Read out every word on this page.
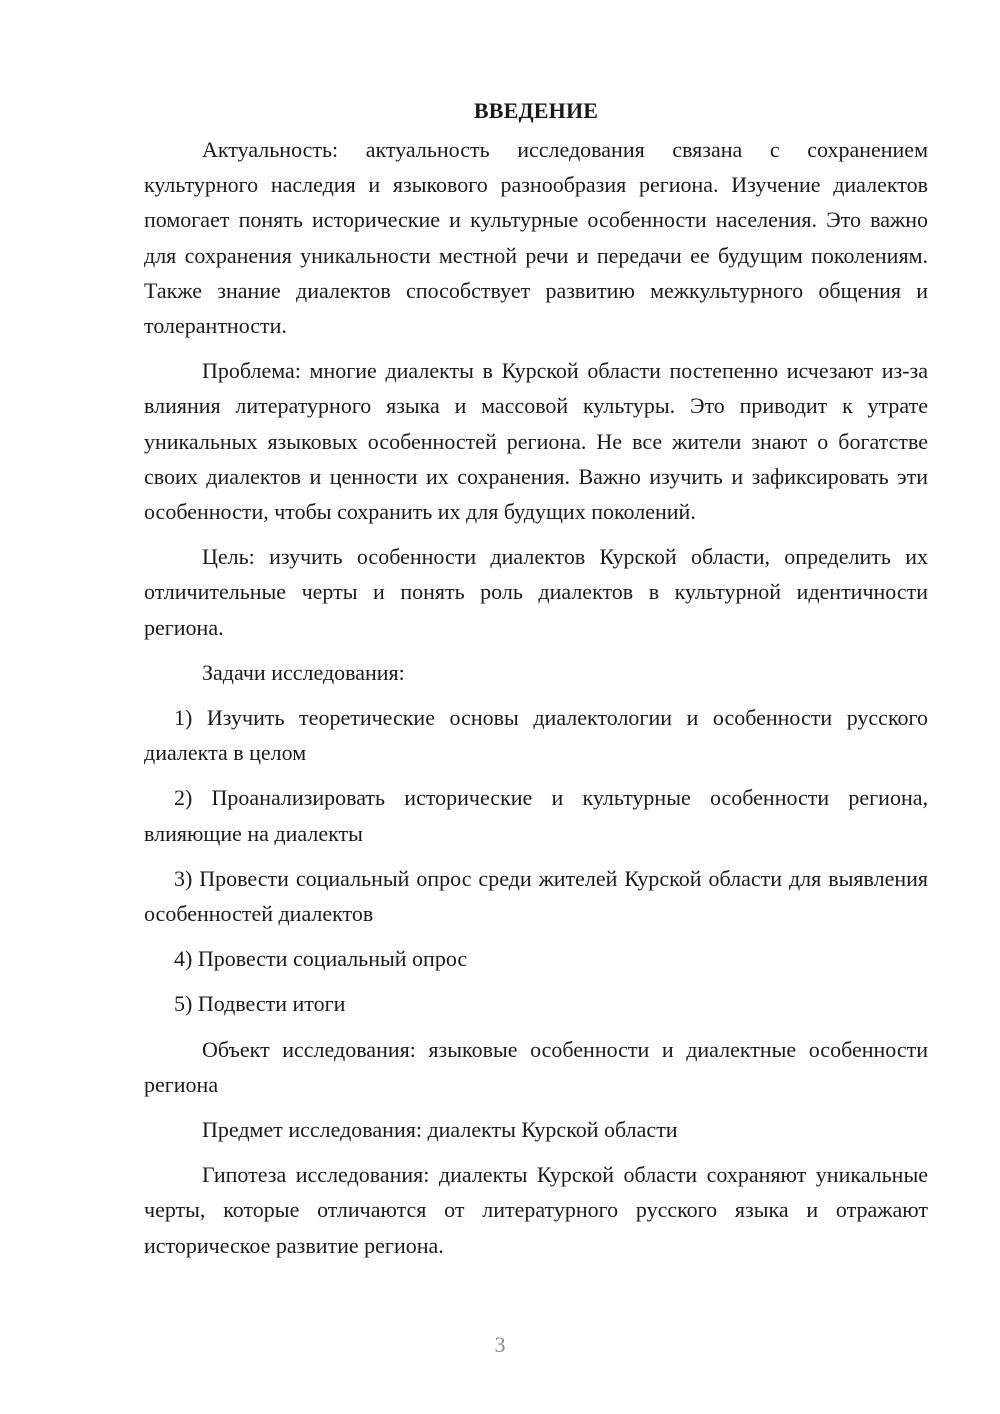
ВВЕДЕНИЕ

Актуальность: актуальность исследования связана с сохранением культурного наследия и языкового разнообразия региона. Изучение диалектов помогает понять исторические и культурные особенности населения. Это важно для сохранения уникальности местной речи и передачи ее будущим поколениям. Также знание диалектов способствует развитию межкультурного общения и толерантности.

Проблема: многие диалекты в Курской области постепенно исчезают из-за влияния литературного языка и массовой культуры. Это приводит к утрате уникальных языковых особенностей региона. Не все жители знают о богатстве своих диалектов и ценности их сохранения. Важно изучить и зафиксировать эти особенности, чтобы сохранить их для будущих поколений.

Цель: изучить особенности диалектов Курской области, определить их отличительные черты и понять роль диалектов в культурной идентичности региона.

Задачи исследования:

1) Изучить теоретические основы диалектологии и особенности русского диалекта в целом

2) Проанализировать исторические и культурные особенности региона, влияющие на диалекты

3) Провести социальный опрос среди жителей Курской области для выявления особенностей диалектов

4) Провести социальный опрос

5) Подвести итоги

Объект исследования: языковые особенности и диалектные особенности региона

Предмет исследования: диалекты Курской области

Гипотеза исследования: диалекты Курской области сохраняют уникальные черты, которые отличаются от литературного русского языка и отражают историческое развитие региона.

3
